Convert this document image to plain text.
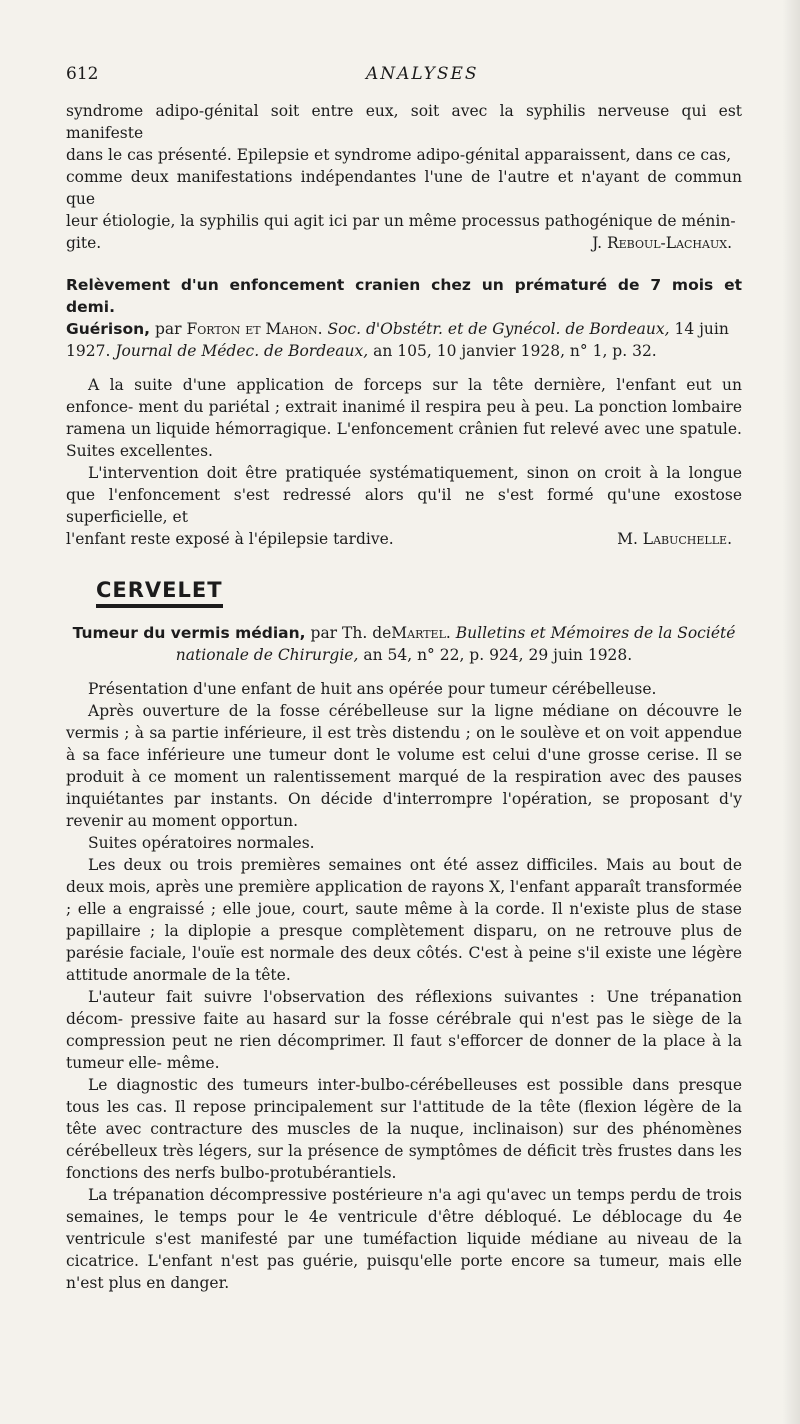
612	ANALYSES

syndrome adipo-génital soit entre eux, soit avec la syphilis nerveuse qui est manifeste

dans le cas présenté. Epilepsie et syndrome adipo-génital apparaissent, dans ce cas,

comme deux manifestations indépendantes l'une de l'autre et n'ayant de commun que

leur étiologie, la syphilis qui agit ici par un même processus pathogénique de ménin-

gite.	J. Reboul-Lachaux.

Relèvement d'un enfoncement cranien chez un prématuré de 7 mois et demi.
Guérison, par Forton et Mahon. Soc. d'Obstétr. et de Gynécol. de Bordeaux, 14 juin
1927. Journal de Médec. de Bordeaux, an 105, 10 janvier 1928, n° 1, p. 32.

A la suite d'une application de forceps sur la tête dernière, l'enfant eut un enfonce- ment du pariétal ; extrait inanimé il respira peu à peu. La ponction lombaire ramena un liquide hémorragique. L'enfoncement crânien fut relevé avec une spatule. Suites excellentes.

L'intervention doit être pratiquée systématiquement, sinon on croit à la longue que l'enfoncement s'est redressé alors qu'il ne s'est formé qu'une exostose superficielle, et

l'enfant reste exposé à l'épilepsie tardive.	M. Labuchelle.

CERVELET

Tumeur du vermis médian, par Th. deMartel. Bulletins et Mémoires de la Société
nationale de Chirurgie, an 54, n° 22, p. 924, 29 juin 1928.

Présentation d'une enfant de huit ans opérée pour tumeur cérébelleuse.

Après ouverture de la fosse cérébelleuse sur la ligne médiane on découvre le vermis ; à sa partie inférieure, il est très distendu ; on le soulève et on voit appendue à sa face inférieure une tumeur dont le volume est celui d'une grosse cerise. Il se produit à ce moment un ralentissement marqué de la respiration avec des pauses inquiétantes par instants. On décide d'interrompre l'opération, se proposant d'y revenir au moment opportun.

Suites opératoires normales.

Les deux ou trois premières semaines ont été assez difficiles. Mais au bout de deux mois, après une première application de rayons X, l'enfant apparaît transformée ; elle a engraissé ; elle joue, court, saute même à la corde. Il n'existe plus de stase papillaire ; la diplopie a presque complètement disparu, on ne retrouve plus de parésie faciale, l'ouïe est normale des deux côtés. C'est à peine s'il existe une légère attitude anormale de la tête.

L'auteur fait suivre l'observation des réflexions suivantes : Une trépanation décom- pressive faite au hasard sur la fosse cérébrale qui n'est pas le siège de la compression peut ne rien décomprimer. Il faut s'efforcer de donner de la place à la tumeur elle- même.

Le diagnostic des tumeurs inter-bulbo-cérébelleuses est possible dans presque tous les cas. Il repose principalement sur l'attitude de la tête (flexion légère de la tête avec contracture des muscles de la nuque, inclinaison) sur des phénomènes cérébelleux très légers, sur la présence de symptômes de déficit très frustes dans les fonctions des nerfs bulbo-protubérantiels.

La trépanation décompressive postérieure n'a agi qu'avec un temps perdu de trois semaines, le temps pour le 4e ventricule d'être débloqué. Le déblocage du 4e ventricule s'est manifesté par une tuméfaction liquide médiane au niveau de la cicatrice. L'enfant n'est pas guérie, puisqu'elle porte encore sa tumeur, mais elle n'est plus en danger.
